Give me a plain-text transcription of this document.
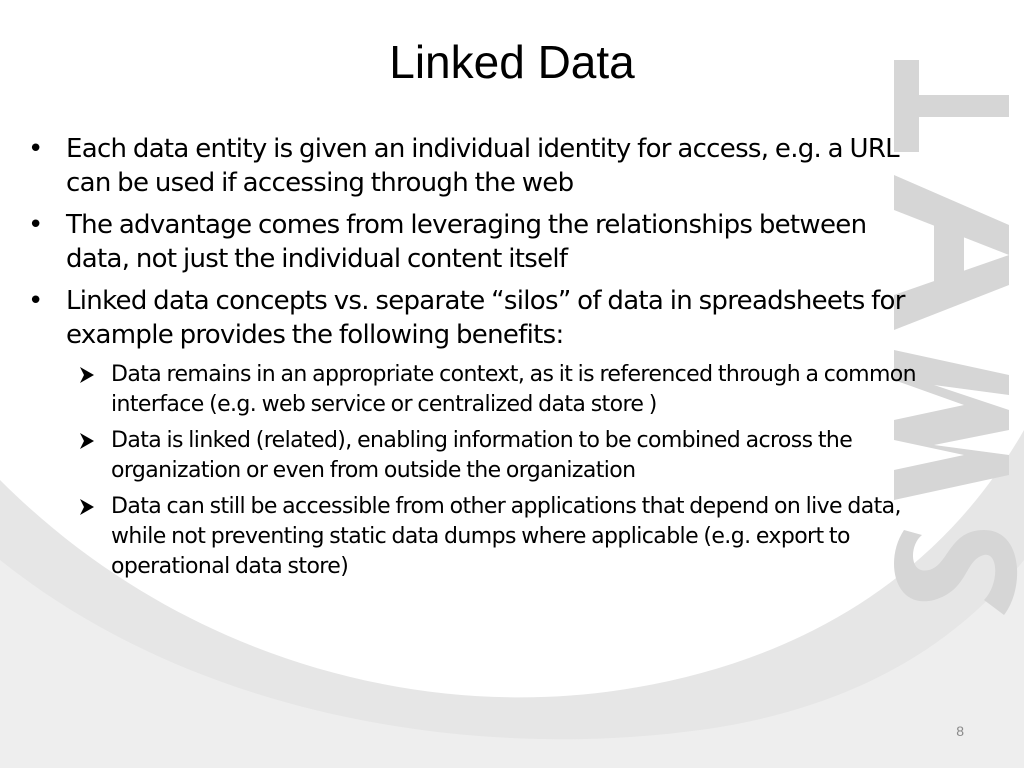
Linked Data
• Each data entity is given an individual identity for access, e.g. a URL can be used if accessing through the web
• The advantage comes from leveraging the relationships between data, not just the individual content itself
• Linked data concepts vs. separate “silos” of data in spreadsheets for example provides the following benefits:
Data remains in an appropriate context, as it is referenced through a common interface (e.g. web service or centralized data store )
Data is linked (related), enabling information to be combined across the organization or even from outside the organization
Data can still be accessible from other applications that depend on live data, while not preventing static data dumps where applicable (e.g. export to operational data store)
8
